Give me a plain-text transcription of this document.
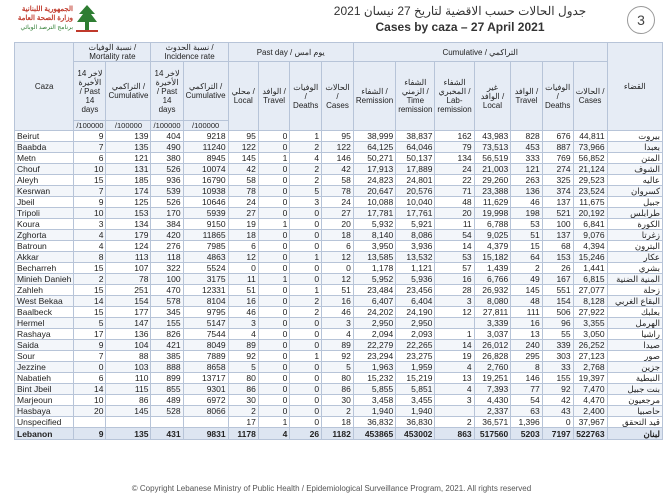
الجمهورية اللبنانية
وزارة الصحة العامة
برنامج الترصد الوبائي
جدول الحالات حسب الاقضية لتاريخ 27 نيسان 2021
Cases by caza – 27 April 2021	3
Caza	نسبة الوفيات / Mortality rate		نسبة الحدوث / Incidence rate		Past day / يوم امس				Cumulative / التراكمي							القضاء
	لاخر 14 الأخيرة / Past 14 days	التراكمي / Cumulative	لاخر 14 الأخيرة / Past 14 days	التراكمي / Cumulative	محلي / Local	الوافد / Travel	الوفيات / Deaths	الحالات / Cases	الشفاء / Remission	الشفاء الزمني / Time remission	الشفاء المخبري / Lab-remission	غير الوافد / Local	الوافد / Travel	الوفيات / Deaths	الحالات / Cases	
	/100000	/100000	/100000	/100000												
Beirut	9	139	404	9218	95	0	1	95	38,999	38,837	162	43,983	828	676	44,811	بيروت
Baabda	7	135	490	11240	122	0	2	122	64,125	64,046	79	73,513	453	887	73,966	بعبدا
Metn	6	121	380	8945	145	1	4	146	50,271	50,137	134	56,519	333	769	56,852	المتن
Chouf	10	131	526	10074	42	0	2	42	17,913	17,889	24	21,003	121	274	21,124	الشوف
Aleyh	15	185	936	16790	58	0	2	58	24,823	24,801	22	29,260	263	325	29,523	عاليه
Kesrwan	7	174	539	10938	78	0	5	78	20,647	20,576	71	23,388	136	374	23,524	كسروان
Jbeil	9	125	526	10646	24	0	3	24	10,088	10,040	48	11,629	46	137	11,675	جبيل
Tripoli	10	153	170	5939	27	0	0	27	17,781	17,761	20	19,998	198	521	20,192	طرابلس
Koura	3	134	384	9150	19	1	0	20	5,932	5,921	11	6,788	53	100	6,841	الكورة
Zghorta	4	179	420	11865	18	0	0	18	8,140	8,086	54	9,025	51	137	9,076	زغرتا
Batroun	4	124	276	7985	6	0	0	6	3,950	3,936	14	4,379	15	68	4,394	البترون
Akkar	8	113	118	4863	12	0	1	12	13,585	13,532	53	15,182	64	153	15,246	عكار
Becharreh	15	107	322	5524	0	0	0	0	1,178	1,121	57	1,439	2	26	1,441	بشري
Minieh Danieh	2	78	100	3175	11	1	0	12	5,952	5,936	16	6,766	49	167	6,815	المنية الضنية
Zahleh	15	251	470	12331	51	0	1	51	23,484	23,456	28	26,932	145	551	27,077	زحلة
West Bekaa	14	154	578	8104	16	0	2	16	6,407	6,404	3	8,080	48	154	8,128	البقاع الغربي
Baalbeck	15	177	345	9795	46	0	2	46	24,202	24,190	12	27,811	111	506	27,922	بعلبك
Hermel	5	147	155	5147	3	0	0	3	2,950	2,950		3,339	16	96	3,355	الهرمل
Rashaya	17	136	826	7544	4	0	0	4	2,094	2,093	1	3,037	13	55	3,050	راشيا
Saida	9	104	421	8049	89	0	0	89	22,279	22,265	14	26,012	240	339	26,252	صيدا
Sour	7	88	385	7889	92	0	1	92	23,294	23,275	19	26,828	295	303	27,123	صور
Jezzine	0	103	888	8658	5	0	0	5	1,963	1,959	4	2,760	8	33	2,768	جزين
Nabatieh	6	110	899	13717	80	0	0	80	15,232	15,219	13	19,251	146	155	19,397	النبطية
Bint Jbeil	14	115	855	9301	86	0	0	86	5,855	5,851	4	7,393	77	92	7,470	بنت جبيل
Marjeoun	10	86	489	6972	30	0	0	30	3,458	3,455	3	4,430	54	42	4,470	مرجعيون
Hasbaya	20	145	528	8066	2	0	0	2	1,940	1,940		2,337	63	43	2,400	حاصبيا
Unspecified					17	1	0	18	36,832	36,830	2	36,571	1,396	0	37,967	قيد التحقق
Lebanon	9	135	431	9831	1178	4	26	1182	453865	453002	863	517560	5203	7197	522763	لبنان
© Copyright Lebanese Ministry of Public Health / Epidemiological Surveillance Program, 2021. All rights reserved
